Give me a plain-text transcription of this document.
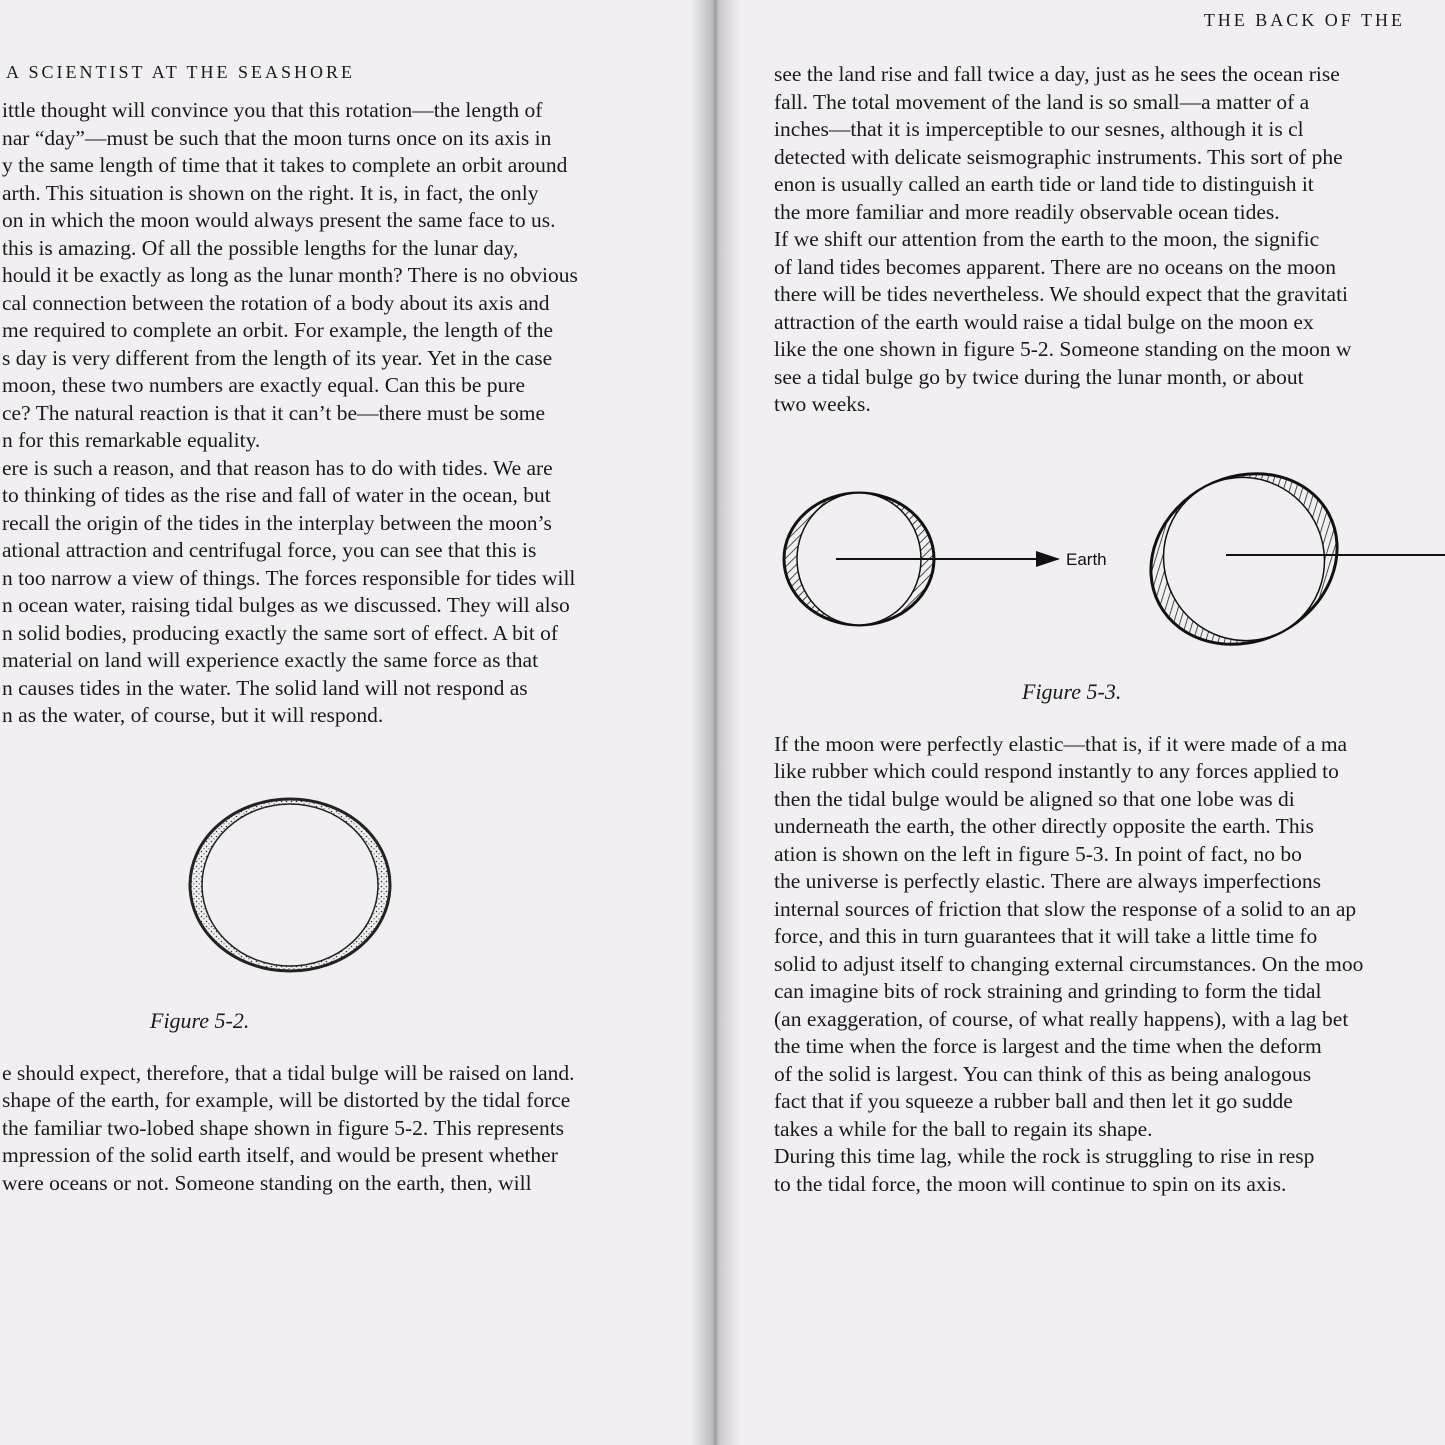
A SCIENTIST AT THE SEASHORE

ittle thought will convince you that this rotation—the length of
nar “day”—must be such that the moon turns once on its axis in
y the same length of time that it takes to complete an orbit around
arth. This situation is shown on the right. It is, in fact, the only
on in which the moon would always present the same face to us.
this is amazing. Of all the possible lengths for the lunar day,
hould it be exactly as long as the lunar month? There is no obvious
cal connection between the rotation of a body about its axis and
me required to complete an orbit. For example, the length of the
s day is very different from the length of its year. Yet in the case
moon, these two numbers are exactly equal. Can this be pure
ce? The natural reaction is that it can’t be—there must be some
n for this remarkable equality.

ere is such a reason, and that reason has to do with tides. We are
to thinking of tides as the rise and fall of water in the ocean, but
recall the origin of the tides in the interplay between the moon’s
ational attraction and centrifugal force, you can see that this is
n too narrow a view of things. The forces responsible for tides will
n ocean water, raising tidal bulges as we discussed. They will also
n solid bodies, producing exactly the same sort of effect. A bit of
material on land will experience exactly the same force as that
n causes tides in the water. The solid land will not respond as
n as the water, of course, but it will respond.

Figure 5-2.

e should expect, therefore, that a tidal bulge will be raised on land.
shape of the earth, for example, will be distorted by the tidal force
the familiar two-lobed shape shown in figure 5-2. This represents
mpression of the solid earth itself, and would be present whether
were oceans or not. Someone standing on the earth, then, will

THE BACK OF THE

see the land rise and fall twice a day, just as he sees the ocean rise
fall. The total movement of the land is so small—a matter of a
inches—that it is imperceptible to our sesnes, although it is cl
detected with delicate seismographic instruments. This sort of phe
enon is usually called an earth tide or land tide to distinguish it
the more familiar and more readily observable ocean tides.

If we shift our attention from the earth to the moon, the signific
of land tides becomes apparent. There are no oceans on the moon
there will be tides nevertheless. We should expect that the gravitati
attraction of the earth would raise a tidal bulge on the moon ex
like the one shown in figure 5-2. Someone standing on the moon w
see a tidal bulge go by twice during the lunar month, or about
two weeks.

Earth
Figure 5-3.

If the moon were perfectly elastic—that is, if it were made of a ma
like rubber which could respond instantly to any forces applied to
then the tidal bulge would be aligned so that one lobe was di
underneath the earth, the other directly opposite the earth. This
ation is shown on the left in figure 5-3. In point of fact, no bo
the universe is perfectly elastic. There are always imperfections
internal sources of friction that slow the response of a solid to an ap
force, and this in turn guarantees that it will take a little time fo
solid to adjust itself to changing external circumstances. On the moo
can imagine bits of rock straining and grinding to form the tidal
(an exaggeration, of course, of what really happens), with a lag bet
the time when the force is largest and the time when the deform
of the solid is largest. You can think of this as being analogous
fact that if you squeeze a rubber ball and then let it go sudde
takes a while for the ball to regain its shape.

During this time lag, while the rock is struggling to rise in resp
to the tidal force, the moon will continue to spin on its axis.
